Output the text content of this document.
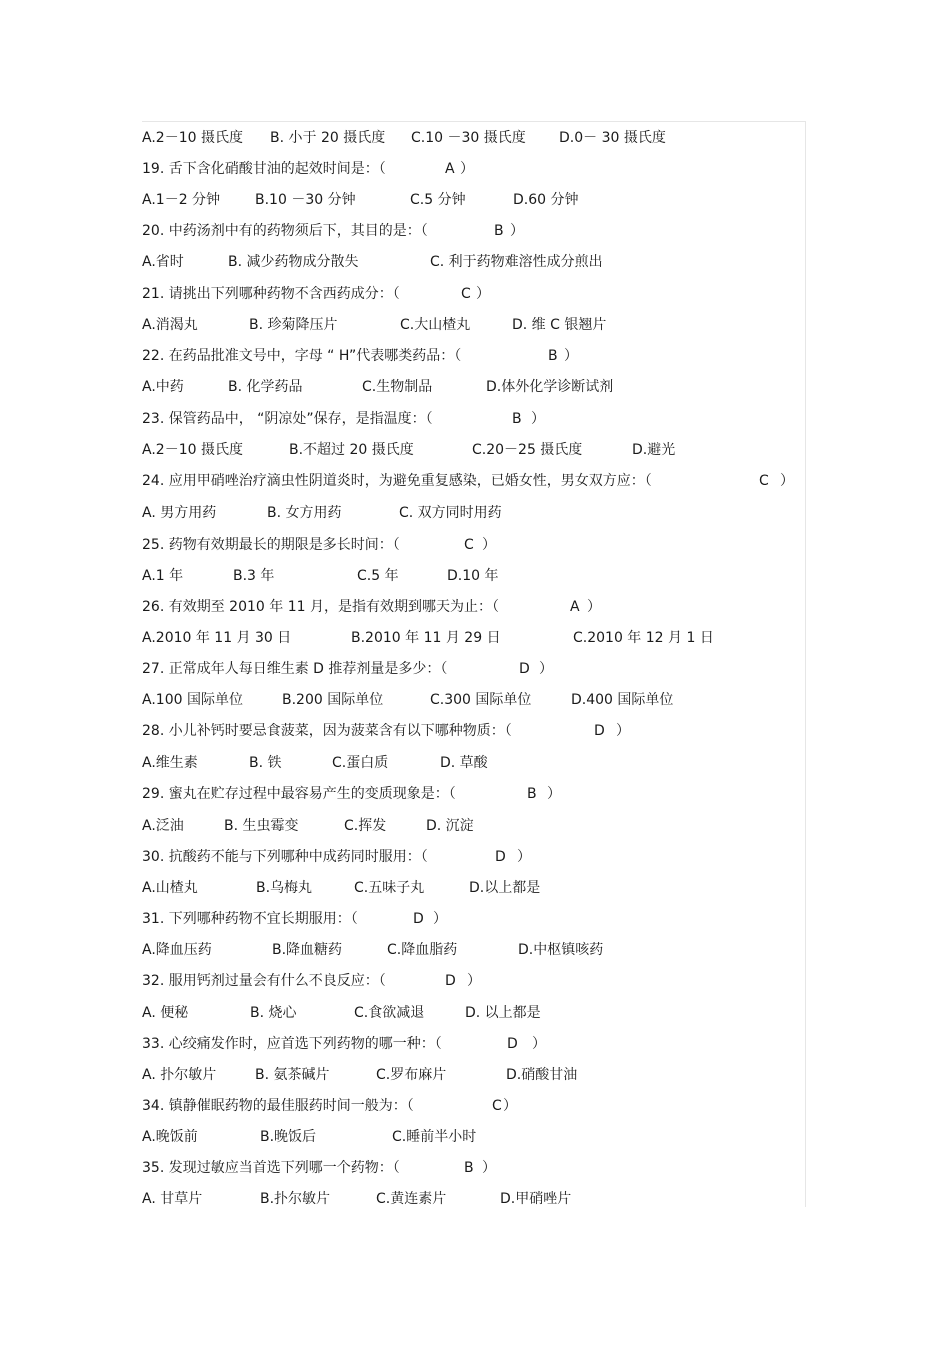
A.2－10 摄氏度 B. 小于 20 摄氏度 C.10 －30 摄氏度 D.0－ 30 摄氏度
19. 舌下含化硝酸甘油的起效时间是：（	A ）
A.1－2 分钟 B.10 －30 分钟	C.5 分钟	D.60 分钟
20. 中药汤剂中有的药物须后下，其目的是：（	B ）
A.省时	B. 减少药物成分散失	C. 利于药物难溶性成分煎出
21. 请挑出下列哪种药物不含西药成分：（	C ）
A.消渴丸	B. 珍菊降压片	C.大山楂丸	D. 维 C 银翘片
22. 在药品批准文号中，字母 “ H”代表哪类药品：（	B ）
A.中药	B. 化学药品	C.生物制品	D.体外化学诊断试剂
23. 保管药品中， “阴凉处”保存，是指温度：（	B ）
A.2－10 摄氏度	B.不超过 20 摄氏度	C.20－25 摄氏度	D.避光
24. 应用甲硝唑治疗滴虫性阴道炎时，为避免重复感染，已婚女性，男女双方应：（	C ）
A. 男方用药	B. 女方用药	C. 双方同时用药
25. 药物有效期最长的期限是多长时间：（	C ）
A.1 年	B.3 年	C.5 年	D.10 年
26. 有效期至 2010 年 11 月，是指有效期到哪天为止：（	A ）
A.2010 年 11 月 30 日	B.2010 年 11 月 29 日	C.2010 年 12 月 1 日
27. 正常成年人每日维生素 D 推荐剂量是多少：（	D ）
A.100 国际单位	B.200 国际单位	C.300 国际单位	D.400 国际单位
28. 小儿补钙时要忌食菠菜，因为菠菜含有以下哪种物质：（	D ）
A.维生素	B. 铁	C.蛋白质	D. 草酸
29. 蜜丸在贮存过程中最容易产生的变质现象是：（	B ）
A.泛油	B. 生虫霉变	C.挥发	D. 沉淀
30. 抗酸药不能与下列哪种中成药同时服用：（	D ）
A.山楂丸	B.乌梅丸	C.五味子丸	D.以上都是
31. 下列哪种药物不宜长期服用：（	D ）
A.降血压药	B.降血糖药	C.降血脂药	D.中枢镇咳药
32. 服用钙剂过量会有什么不良反应：（	D ）
A. 便秘	B. 烧心	C.食欲减退	D. 以上都是
33. 心绞痛发作时，应首选下列药物的哪一种：（	D ）
A. 扑尔敏片	B. 氨茶碱片	C.罗布麻片	D.硝酸甘油
34. 镇静催眠药物的最佳服药时间一般为：（	C ）
A.晚饭前	B.晚饭后	C.睡前半小时
35. 发现过敏应当首选下列哪一个药物：（	B ）
A. 甘草片	B.扑尔敏片	C.黄连素片	D.甲硝唑片
